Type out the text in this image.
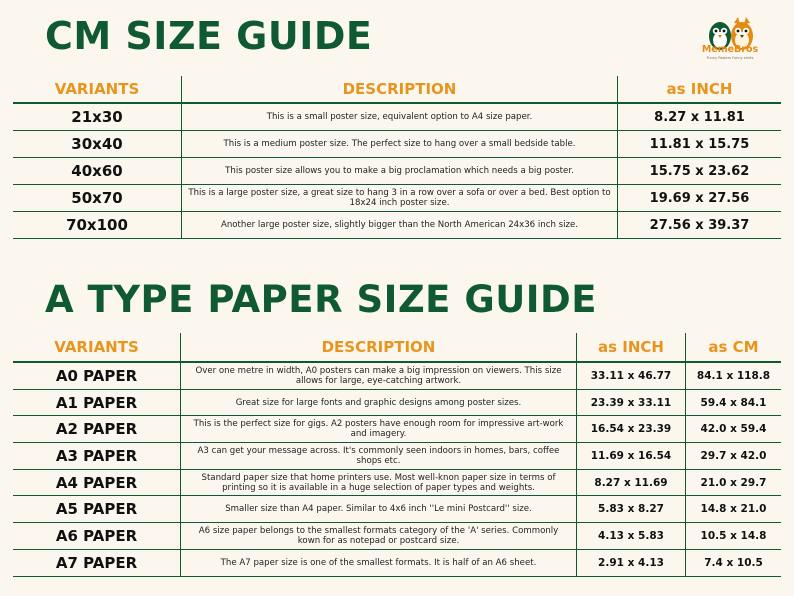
CM SIZE GUIDE	MemeBros
Funny Posters Funny shirts
VARIANTS	DESCRIPTION	as INCH
21x30	This is a small poster size, equivalent option to A4 size paper.	8.27 x 11.81
30x40	This is a medium poster size. The perfect size to hang over a small bedside table.	11.81 x 15.75
40x60	This poster size allows you to make a big proclamation which needs a big poster.	15.75 x 23.62
50x70	This is a large poster size, a great size to hang 3 in a row over a sofa or over a bed. Best option to 18x24 inch poster size.	19.69 x 27.56
70x100	Another large poster size, slightly bigger than the North American 24x36 inch size.	27.56 x 39.37
A TYPE PAPER SIZE GUIDE
VARIANTS	DESCRIPTION	as INCH	as CM
A0 PAPER	Over one metre in width, A0 posters can make a big impression on viewers. This size allows for large, eye-catching artwork.	33.11 x 46.77	84.1 x 118.8
A1 PAPER	Great size for large fonts and graphic designs among poster sizes.	23.39 x 33.11	59.4 x 84.1
A2 PAPER	This is the perfect size for gigs. A2 posters have enough room for impressive art-work and imagery.	16.54 x 23.39	42.0 x 59.4
A3 PAPER	A3 can get your message across. It's commonly seen indoors in homes, bars, coffee shops etc.	11.69 x 16.54	29.7 x 42.0
A4 PAPER	Standard paper size that home printers use. Most well-knon paper size in terms of printing so it is available in a huge selection of paper types and weights.	8.27 x 11.69	21.0 x 29.7
A5 PAPER	Smaller size than A4 paper. Similar to 4x6 inch ''Le mini Postcard'' size.	5.83 x 8.27	14.8 x 21.0
A6 PAPER	A6 size paper belongs to the smallest formats category of the 'A' series. Commonly kown for as notepad or postcard size.	4.13 x 5.83	10.5 x 14.8
A7 PAPER	The A7 paper size is one of the smallest formats. It is half of an A6 sheet.	2.91 x 4.13	7.4 x 10.5
